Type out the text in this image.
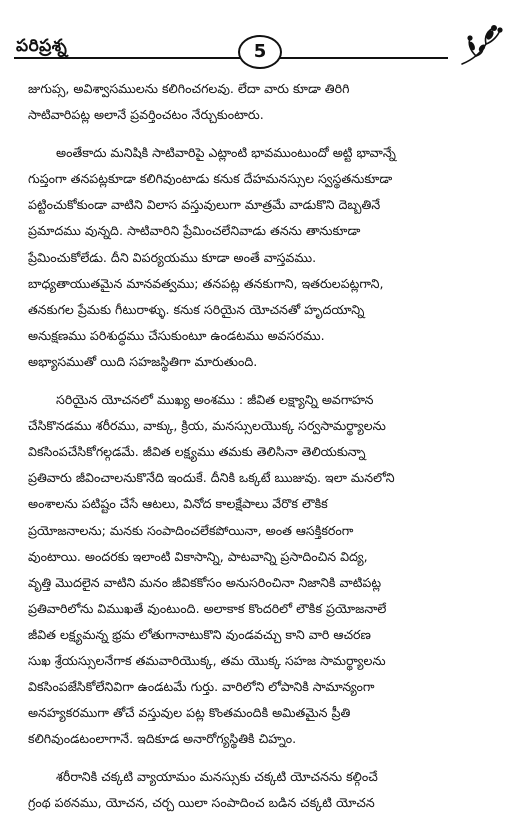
పరిప్రశ్న	5
జుగుప్స, అవిశ్వాసములను కలిగించగలవు. లేదా వారు కూడా తిరిగి
సాటివారిపట్ల అలానే ప్రవర్తించటం నేర్చుకుంటారు.
అంతేకాదు మనిషికి సాటివారిపై ఎట్లాంటి భావముంటుందో అట్టి భావాన్నే
గుప్తంగా తనపట్లకూడా కలిగివుంటాడు కనుక దేహమనస్సుల స్వస్థతనుకూడా
పట్టించుకోకుండా వాటిని విలాస వస్తువులుగా మాత్రమే వాడుకొని దెబ్బతినే
ప్రమాదము వున్నది. సాటివారిని ప్రేమించలేనివాడు తనను తానుకూడా
ప్రేమించుకోలేడు. దీని విపర్యయము కూడా అంతే వాస్తవము.
బాధ్యతాయుతమైన మానవత్వము; తనపట్ల తనకుగాని, ఇతరులపట్లగాని,
తనకుగల ప్రేమకు గీటురాళ్ళు. కనుక సరియైన యోచనతో హృదయాన్ని
అనుక్షణము పరిశుద్ధము చేసుకుంటూ ఉండటము అవసరము.
అభ్యాసముతో యిది సహజస్థితిగా మారుతుంది.
సరియైన యోచనలో ముఖ్య అంశము : జీవిత లక్ష్యాన్ని అవగాహన
చేసికొనడము శరీరము, వాక్కు, క్రియ, మనస్సులయొక్క సర్వసామర్థ్యాలను
వికసింపచేసికోగల్గడమే. జీవిత లక్ష్యము తమకు తెలిసినా తెలియకున్నా
ప్రతివారు జీవించాలనుకొనేది ఇందుకే. దీనికి ఒక్కటే ఋజువు. ఇలా మనలోని
అంశాలను పటిష్టం చేసే ఆటలు, వినోద కాలక్షేపాలు వేరొక లౌకిక
ప్రయోజనాలను; మనకు సంపాదించలేకపోయినా, అంత ఆసక్తికరంగా
వుంటాయి. అందరకు ఇలాంటి వికాసాన్ని, పాటవాన్ని ప్రసాదించిన విద్య,
వృత్తి మొదలైన వాటిని మనం జీవికకోసం అనుసరించినా నిజానికి వాటిపట్ల
ప్రతివారిలోను విముఖతే వుంటుంది. అలాకాక కొందరిలో లౌకిక ప్రయోజనాలే
జీవిత లక్ష్యమన్న భ్రమ లోతుగానాటుకొని వుండవచ్చు కాని వారి ఆచరణ
సుఖ శ్రేయస్సులనేగాక తమవారియొక్క, తమ యొక్క సహజ సామర్థ్యాలను
వికసింపజేసికోలేనివిగా ఉండటమే గుర్తు. వారిలోని లోపానికి సామాన్యంగా
అనహ్యకరముగా తోచే వస్తువుల పట్ల కొంతమందికి అమితమైన ప్రీతి
కలిగివుండటంలాగానే. ఇదికూడ అనారోగ్యస్థితికి చిహ్నం.
శరీరానికి చక్కటి వ్యాయామం మనస్సుకు చక్కటి యోచనను కల్గించే
గ్రంథ పఠనము, యోచన, చర్చ యిలా సంపాదించ బడిన చక్కటి యోచన
